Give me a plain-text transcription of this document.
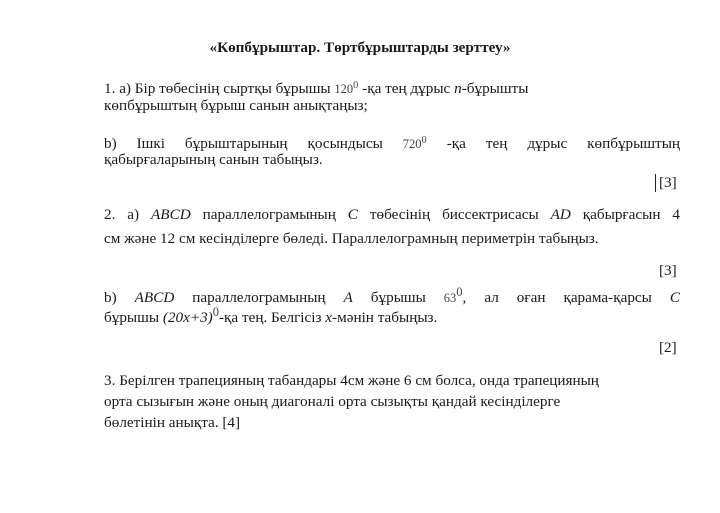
«Көпбұрыштар. Төртбұрыштарды зерттеу»
1. а) Бір төбесінің сыртқы бұрышы $120^0$ -қа тең дұрыс n-бұрышты
көпбұрыштың бұрыш санын анықтаңыз;
b) Ішкі бұрыштарының қосындысы $720^0$ -қа тең дұрыс көпбұрыштың
қабырғаларының санын табыңыз.
[3]
2. а) ABCD параллелограмының C төбесінің биссектрисасы AD қабырғасын 4
см және 12 см кесінділерге бөледі. Параллелограмның периметрін табыңыз.
[3]
b) ABCD параллелограмының A бұрышы $63^0$, ал оған қарама-қарсы C
бұрышы $(20x+3)^0-қа$ тең. Белгісіз x-мәнін табыңыз.
[2]
3. Берілген трапецияның табандары 4см және 6 см болса, онда трапецияның
орта сызығын және оның диагоналі орта сызықты қандай кесінділерге
бөлетінін анықта. [4]
